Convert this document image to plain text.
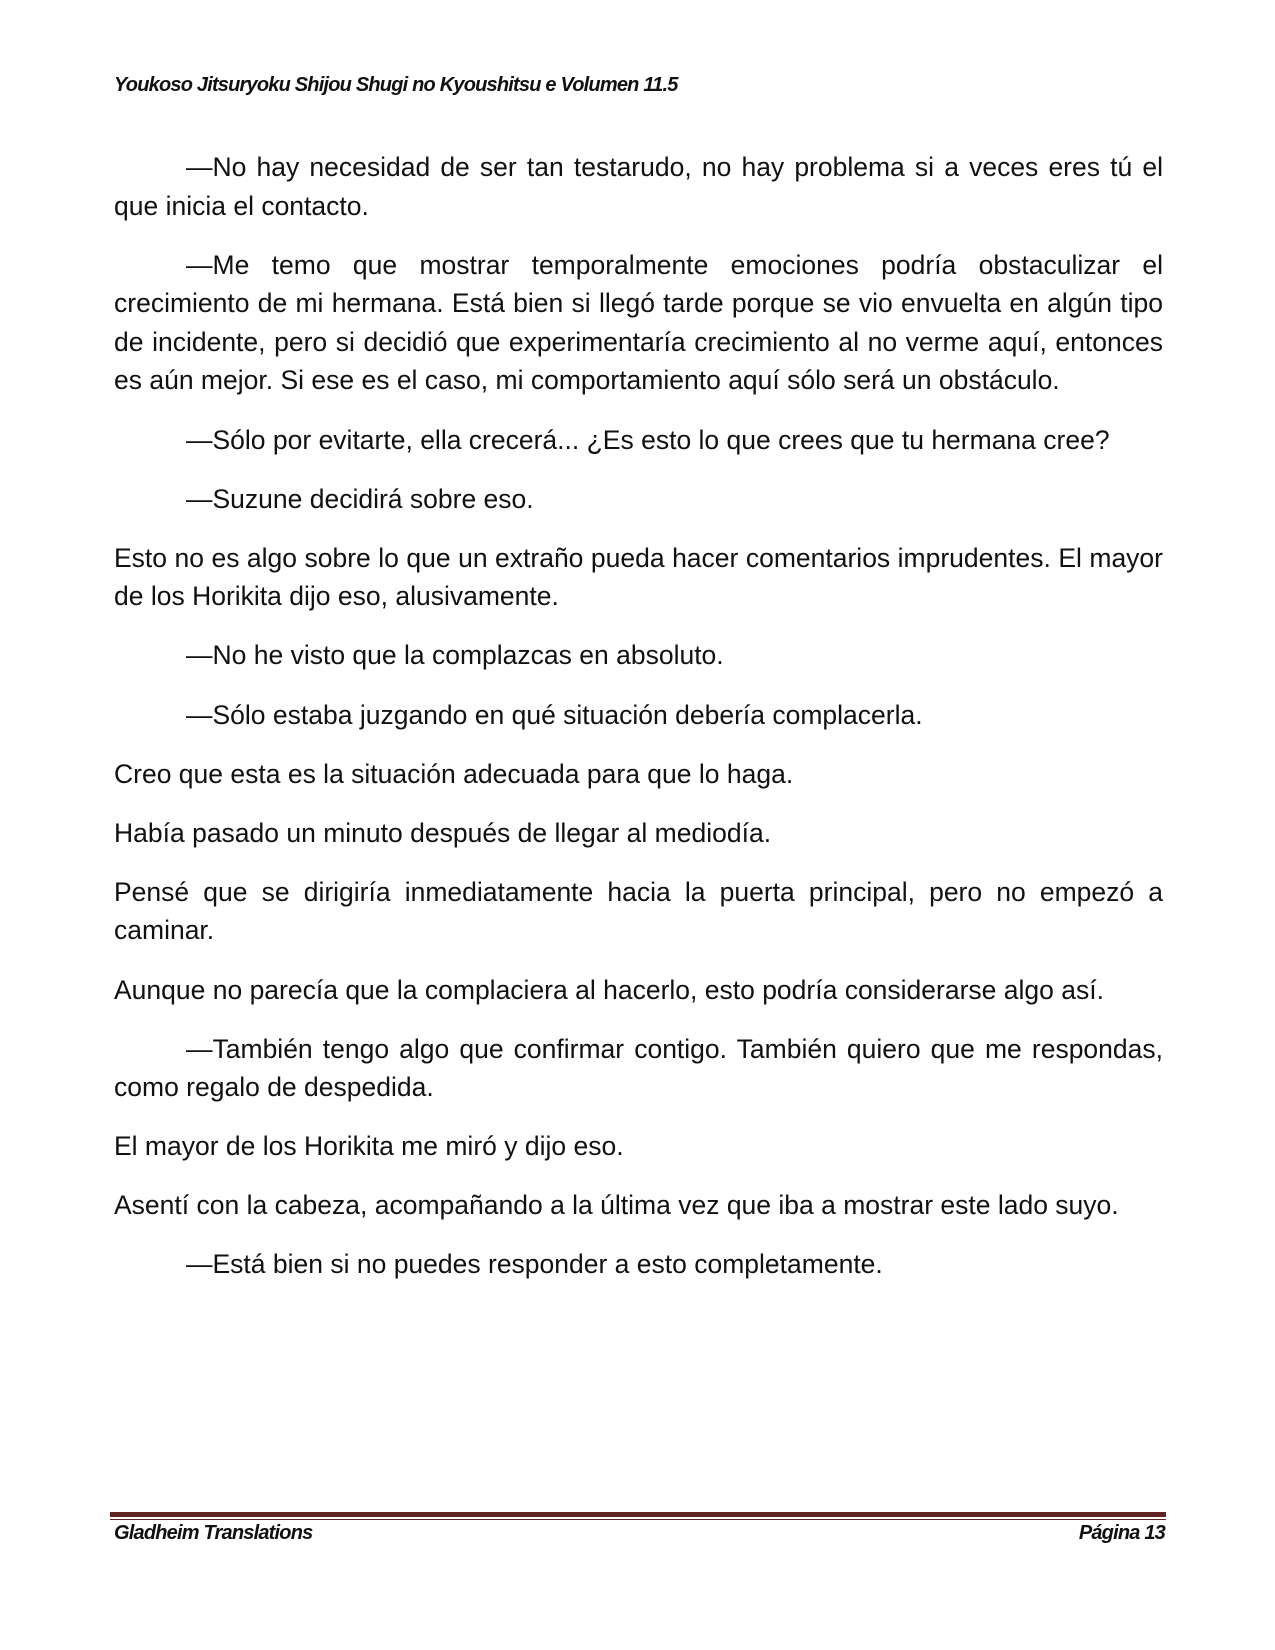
Youkoso Jitsuryoku Shijou Shugi no Kyoushitsu e Volumen 11.5

—No hay necesidad de ser tan testarudo, no hay problema si a veces eres tú el que inicia el contacto.

—Me temo que mostrar temporalmente emociones podría obstaculizar el crecimiento de mi hermana. Está bien si llegó tarde porque se vio envuelta en algún tipo de incidente, pero si decidió que experimentaría crecimiento al no verme aquí, entonces es aún mejor. Si ese es el caso, mi comportamiento aquí sólo será un obstáculo.

—Sólo por evitarte, ella crecerá... ¿Es esto lo que crees que tu hermana cree?

—Suzune decidirá sobre eso.

Esto no es algo sobre lo que un extraño pueda hacer comentarios imprudentes. El mayor de los Horikita dijo eso, alusivamente.

—No he visto que la complazcas en absoluto.

—Sólo estaba juzgando en qué situación debería complacerla.

Creo que esta es la situación adecuada para que lo haga.

Había pasado un minuto después de llegar al mediodía.

Pensé que se dirigiría inmediatamente hacia la puerta principal, pero no empezó a caminar.

Aunque no parecía que la complaciera al hacerlo, esto podría considerarse algo así.

—También tengo algo que confirmar contigo. También quiero que me respondas, como regalo de despedida.

El mayor de los Horikita me miró y dijo eso.

Asentí con la cabeza, acompañando a la última vez que iba a mostrar este lado suyo.

—Está bien si no puedes responder a esto completamente.

Gladheim Translations	Página 13
